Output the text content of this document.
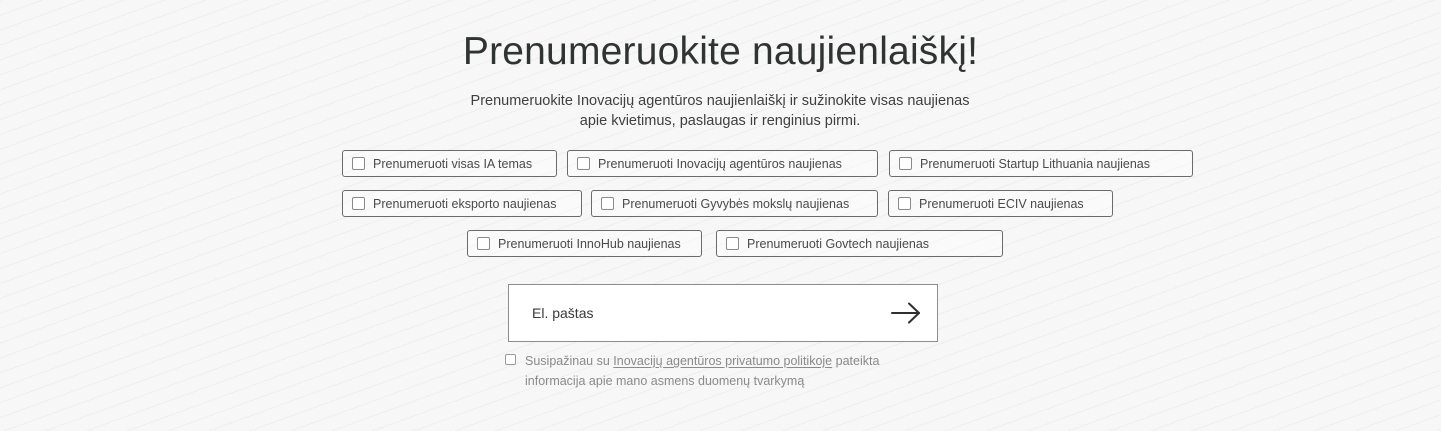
Prenumeruokite naujienlaiškį!

Prenumeruokite Inovacijų agentūros naujienlaiškį ir sužinokite visas naujienas apie kvietimus, paslaugas ir renginius pirmi.

Prenumeruoti visas IA temas	Prenumeruoti Inovacijų agentūros naujienas	Prenumeruoti Startup Lithuania naujienas
Prenumeruoti eksporto naujienas	Prenumeruoti Gyvybės mokslų naujienas	Prenumeruoti ECIV naujienas
Prenumeruoti InnoHub naujienas	Prenumeruoti Govtech naujienas
El. paštas
Susipažinau su Inovacijų agentūros privatumo politikoje pateikta informacija apie mano asmens duomenų tvarkymą
